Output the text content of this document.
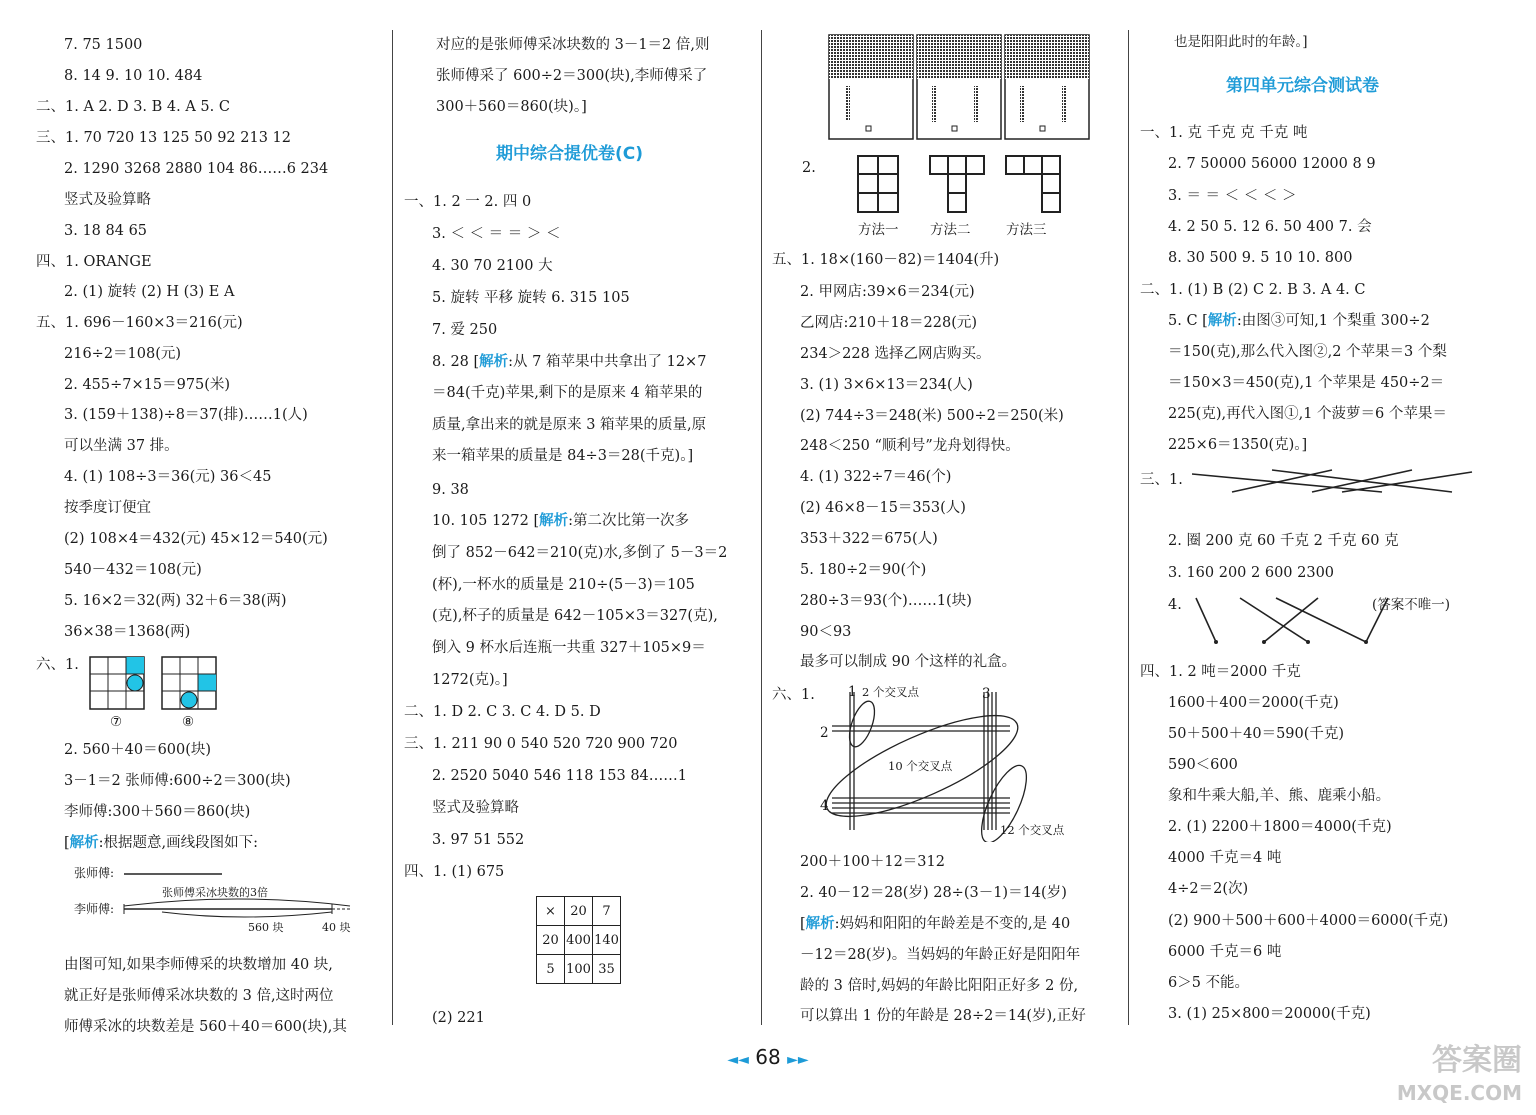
7. 75 1500
8. 14 9. 10 10. 484
二、1. A 2. D 3. B 4. A 5. C
三、1. 70 720 13 125 50 92 213 12
2. 1290 3268 2880 104 86……6 234
竖式及验算略
3. 18 84 65
四、1. ORANGE
2. (1) 旋转 (2) H (3) E A
五、1. 696－160×3＝216(元)
216÷2＝108(元)
2. 455÷7×15＝975(米)
3. (159＋138)÷8＝37(排)……1(人)
可以坐满 37 排。
4. (1) 108÷3＝36(元) 36＜45
按季度订便宜
(2) 108×4＝432(元) 45×12＝540(元)
540－432＝108(元)
5. 16×2＝32(两) 32＋6＝38(两)
36×38＝1368(两)
六、1.
⑦	⑧
2. 560＋40＝600(块)
3－1＝2 张师傅:600÷2＝300(块)
李师傅:300＋560＝860(块)
[解析:根据题意,画线段图如下:
张师傅:
李师傅:
张师傅采冰块数的3倍
560 块	40 块
由图可知,如果李师傅采的块数增加 40 块,
就正好是张师傅采冰块数的 3 倍,这时两位
师傅采冰的块数差是 560＋40＝600(块),其
对应的是张师傅采冰块数的 3－1＝2 倍,则
张师傅采了 600÷2＝300(块),李师傅采了
300＋560＝860(块)。]
期中综合提优卷(C)
一、1. 2 一 2. 四 0
3. ＜ ＜ ＝ ＝ ＞ ＜
4. 30 70 2100 大
5. 旋转 平移 旋转 6. 315 105
7. 爱 250
8. 28 [解析:从 7 箱苹果中共拿出了 12×7
＝84(千克)苹果,剩下的是原来 4 箱苹果的
质量,拿出来的就是原来 3 箱苹果的质量,原
来一箱苹果的质量是 84÷3＝28(千克)。]
9. 38
10. 105 1272 [解析:第二次比第一次多
倒了 852－642＝210(克)水,多倒了 5－3＝2
(杯),一杯水的质量是 210÷(5－3)＝105
(克),杯子的质量是 642－105×3＝327(克),
倒入 9 杯水后连瓶一共重 327＋105×9＝
1272(克)。]
二、1. D 2. C 3. C 4. D 5. D
三、1. 211 90 0 540 520 720 900 720
2. 2520 5040 546 118 153 84……1
竖式及验算略
3. 97 51 552
四、1. (1) 675
×	20	7
20	400	140
5	100	35
(2) 221
2.
方法一 方法二	方法三
五、1. 18×(160－82)＝1404(升)
2. 甲网店:39×6＝234(元)
乙网店:210＋18＝228(元)
234＞228 选择乙网店购买。
3. (1) 3×6×13＝234(人)
(2) 744÷3＝248(米) 500÷2＝250(米)
248＜250 “顺利号”龙舟划得快。
4. (1) 322÷7＝46(个)
(2) 46×8－15＝353(人)
353＋322＝675(人)
5. 180÷2＝90(个)
280÷3＝93(个)……1(块)
90＜93
最多可以制成 90 个这样的礼盒。
六、1. 1	3
2
4
2 个交叉点
10 个交叉点
12 个交叉点
200＋100＋12＝312
2. 40－12＝28(岁) 28÷(3－1)＝14(岁)
[解析:妈妈和阳阳的年龄差是不变的,是 40
－12＝28(岁)。当妈妈的年龄正好是阳阳年
龄的 3 倍时,妈妈的年龄比阳阳正好多 2 份,
可以算出 1 份的年龄是 28÷2＝14(岁),正好
也是阳阳此时的年龄。]
第四单元综合测试卷
一、1. 克 千克 克 千克 吨
2. 7 50000 56000 12000 8 9
3. ＝ ＝ ＜ ＜ ＜ ＞
4. 2 50 5. 12 6. 50 400 7. 会
8. 30 500 9. 5 10 10. 800
二、1. (1) B (2) C 2. B 3. A 4. C
5. C [解析:由图③可知,1 个梨重 300÷2
＝150(克),那么代入图②,2 个苹果＝3 个梨
＝150×3＝450(克),1 个苹果是 450÷2＝
225(克),再代入图①,1 个菠萝＝6 个苹果＝
225×6＝1350(克)。]
三、1.
2. 圈 200 克 60 千克 2 千克 60 克
3. 160 200 2 600 2300
4.	(答案不唯一)
四、1. 2 吨＝2000 千克
1600＋400＝2000(千克)
50＋500＋40＝590(千克)
590＜600
象和牛乘大船,羊、熊、鹿乘小船。
2. (1) 2200＋1800＝4000(千克)
4000 千克＝4 吨
4÷2＝2(次)
(2) 900＋500＋600＋4000＝6000(千克)
6000 千克＝6 吨
6＞5 不能。
3. (1) 25×800＝20000(千克)
◄◄ 68 ►►	答案圈
MXQE.COM
